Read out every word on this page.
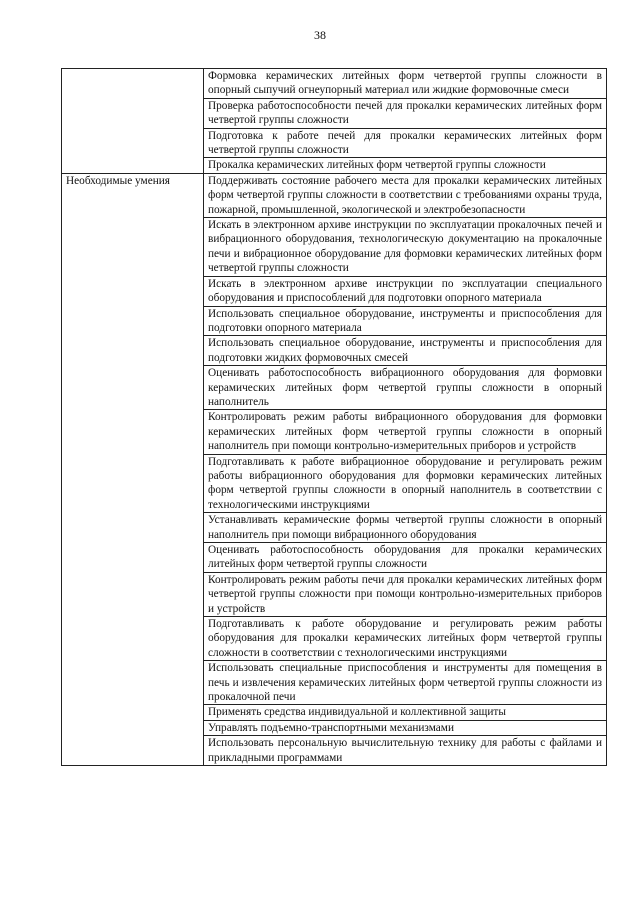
38

	Формовка керамических литейных форм четвертой группы сложности в опорный сыпучий огнеупорный материал или жидкие формовочные смеси

	Проверка работоспособности печей для прокалки керамических литейных форм четвертой группы сложности

	Подготовка к работе печей для прокалки керамических литейных форм четвертой группы сложности

	Прокалка керамических литейных форм четвертой группы сложности

Необходимые умения	Поддерживать состояние рабочего места для прокалки керамических литейных форм четвертой группы сложности в соответствии с требованиями охраны труда, пожарной, промышленной, экологической и электробезопасности

	Искать в электронном архиве инструкции по эксплуатации прокалочных печей и вибрационного оборудования, технологическую документацию на прокалочные печи и вибрационное оборудование для формовки керамических литейных форм четвертой группы сложности

	Искать в электронном архиве инструкции по эксплуатации специального оборудования и приспособлений для подготовки опорного материала

	Использовать специальное оборудование, инструменты и приспособления для подготовки опорного материала

	Использовать специальное оборудование, инструменты и приспособления для подготовки жидких формовочных смесей

	Оценивать работоспособность вибрационного оборудования для формовки керамических литейных форм четвертой группы сложности в опорный наполнитель

	Контролировать режим работы вибрационного оборудования для формовки керамических литейных форм четвертой группы сложности в опорный наполнитель при помощи контрольно-измерительных приборов и устройств

	Подготавливать к работе вибрационное оборудование и регулировать режим работы вибрационного оборудования для формовки керамических литейных форм четвертой группы сложности в опорный наполнитель в соответствии с технологическими инструкциями

	Устанавливать керамические формы четвертой группы сложности в опорный наполнитель при помощи вибрационного оборудования

	Оценивать работоспособность оборудования для прокалки керамических литейных форм четвертой группы сложности

	Контролировать режим работы печи для прокалки керамических литейных форм четвертой группы сложности при помощи контрольно-измерительных приборов и устройств

	Подготавливать к работе оборудование и регулировать режим работы оборудования для прокалки керамических литейных форм четвертой группы сложности в соответствии с технологическими инструкциями

	Использовать специальные приспособления и инструменты для помещения в печь и извлечения керамических литейных форм четвертой группы сложности из прокалочной печи

	Применять средства индивидуальной и коллективной защиты

	Управлять подъемно-транспортными механизмами

	Использовать персональную вычислительную технику для работы с файлами и прикладными программами
